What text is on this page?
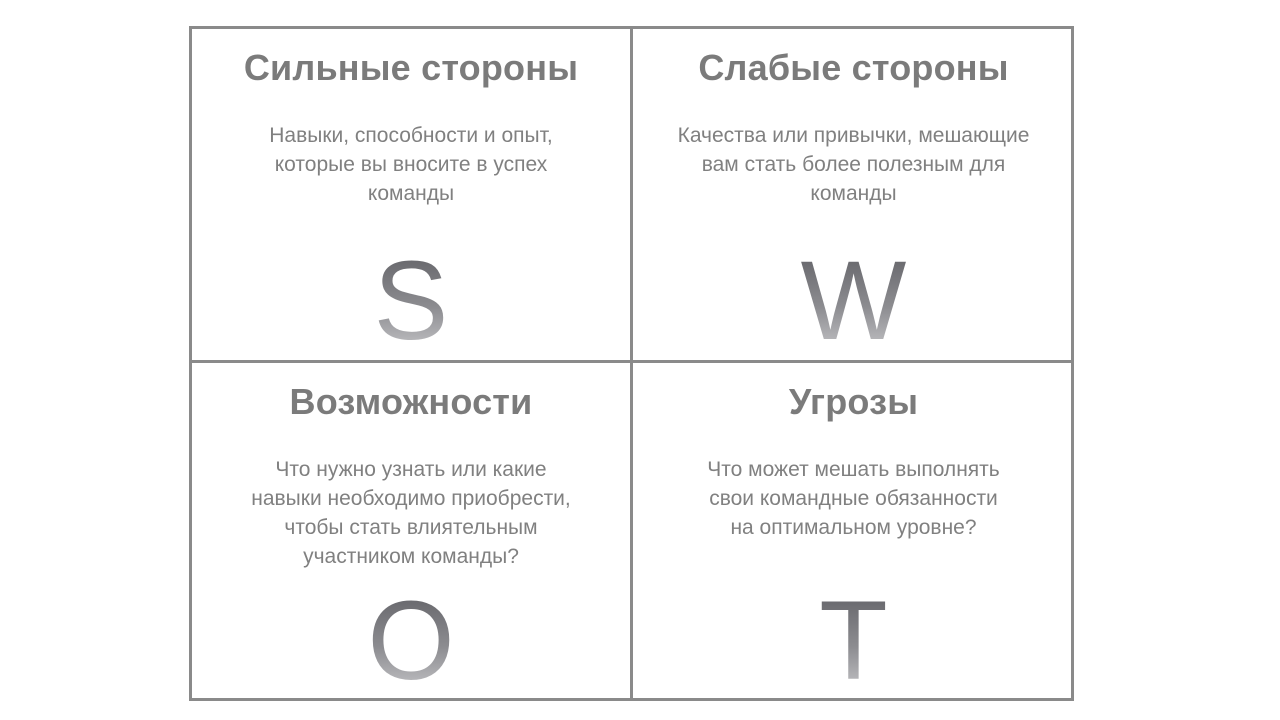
Сильные стороны
Навыки, способности и опыт,
которые вы вносите в успех
команды
S
Слабые стороны
Качества или привычки, мешающие
вам стать более полезным для
команды
W
Возможности
Что нужно узнать или какие
навыки необходимо приобрести,
чтобы стать влиятельным
участником команды?
O
Угрозы
Что может мешать выполнять
свои командные обязанности
на оптимальном уровне?
T
